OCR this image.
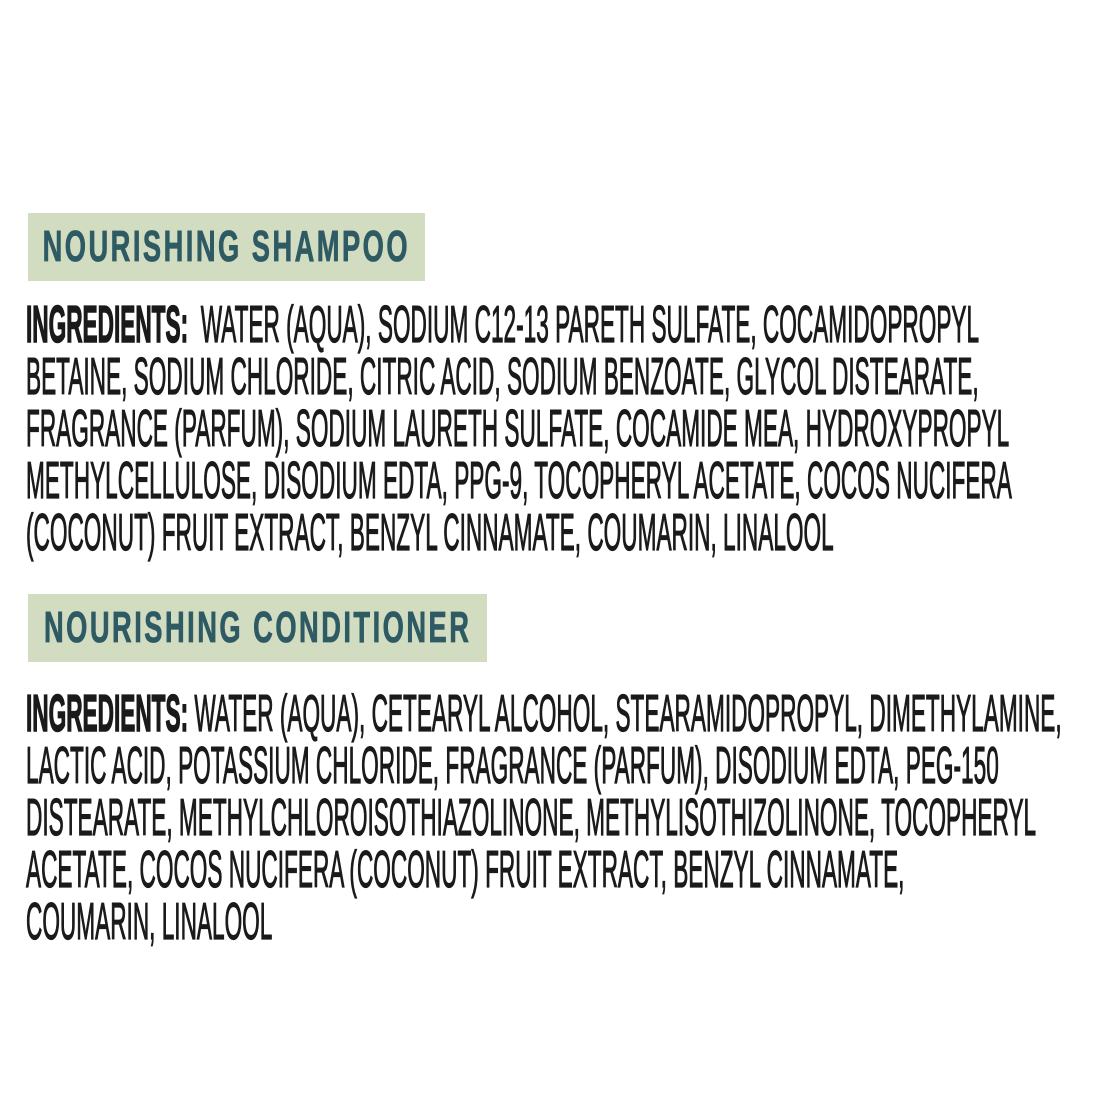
NOURISHING SHAMPOO
INGREDIENTS:  WATER (AQUA), SODIUM C12-13 PARETH SULFATE, COCAMIDOPROPYL
BETAINE, SODIUM CHLORIDE, CITRIC ACID, SODIUM BENZOATE, GLYCOL DISTEARATE,
FRAGRANCE (PARFUM), SODIUM LAURETH SULFATE, COCAMIDE MEA, HYDROXYPROPYL
METHYLCELLULOSE, DISODIUM EDTA, PPG-9, TOCOPHERYL ACETATE, COCOS NUCIFERA
(COCONUT) FRUIT EXTRACT, BENZYL CINNAMATE, COUMARIN, LINALOOL
NOURISHING CONDITIONER
INGREDIENTS: WATER (AQUA), CETEARYL ALCOHOL, STEARAMIDOPROPYL, DIMETHYLAMINE,
LACTIC ACID, POTASSIUM CHLORIDE, FRAGRANCE (PARFUM), DISODIUM EDTA, PEG-150
DISTEARATE, METHYLCHLOROISOTHIAZOLINONE, METHYLISOTHIZOLINONE, TOCOPHERYL
ACETATE, COCOS NUCIFERA (COCONUT) FRUIT EXTRACT, BENZYL CINNAMATE,
COUMARIN, LINALOOL
